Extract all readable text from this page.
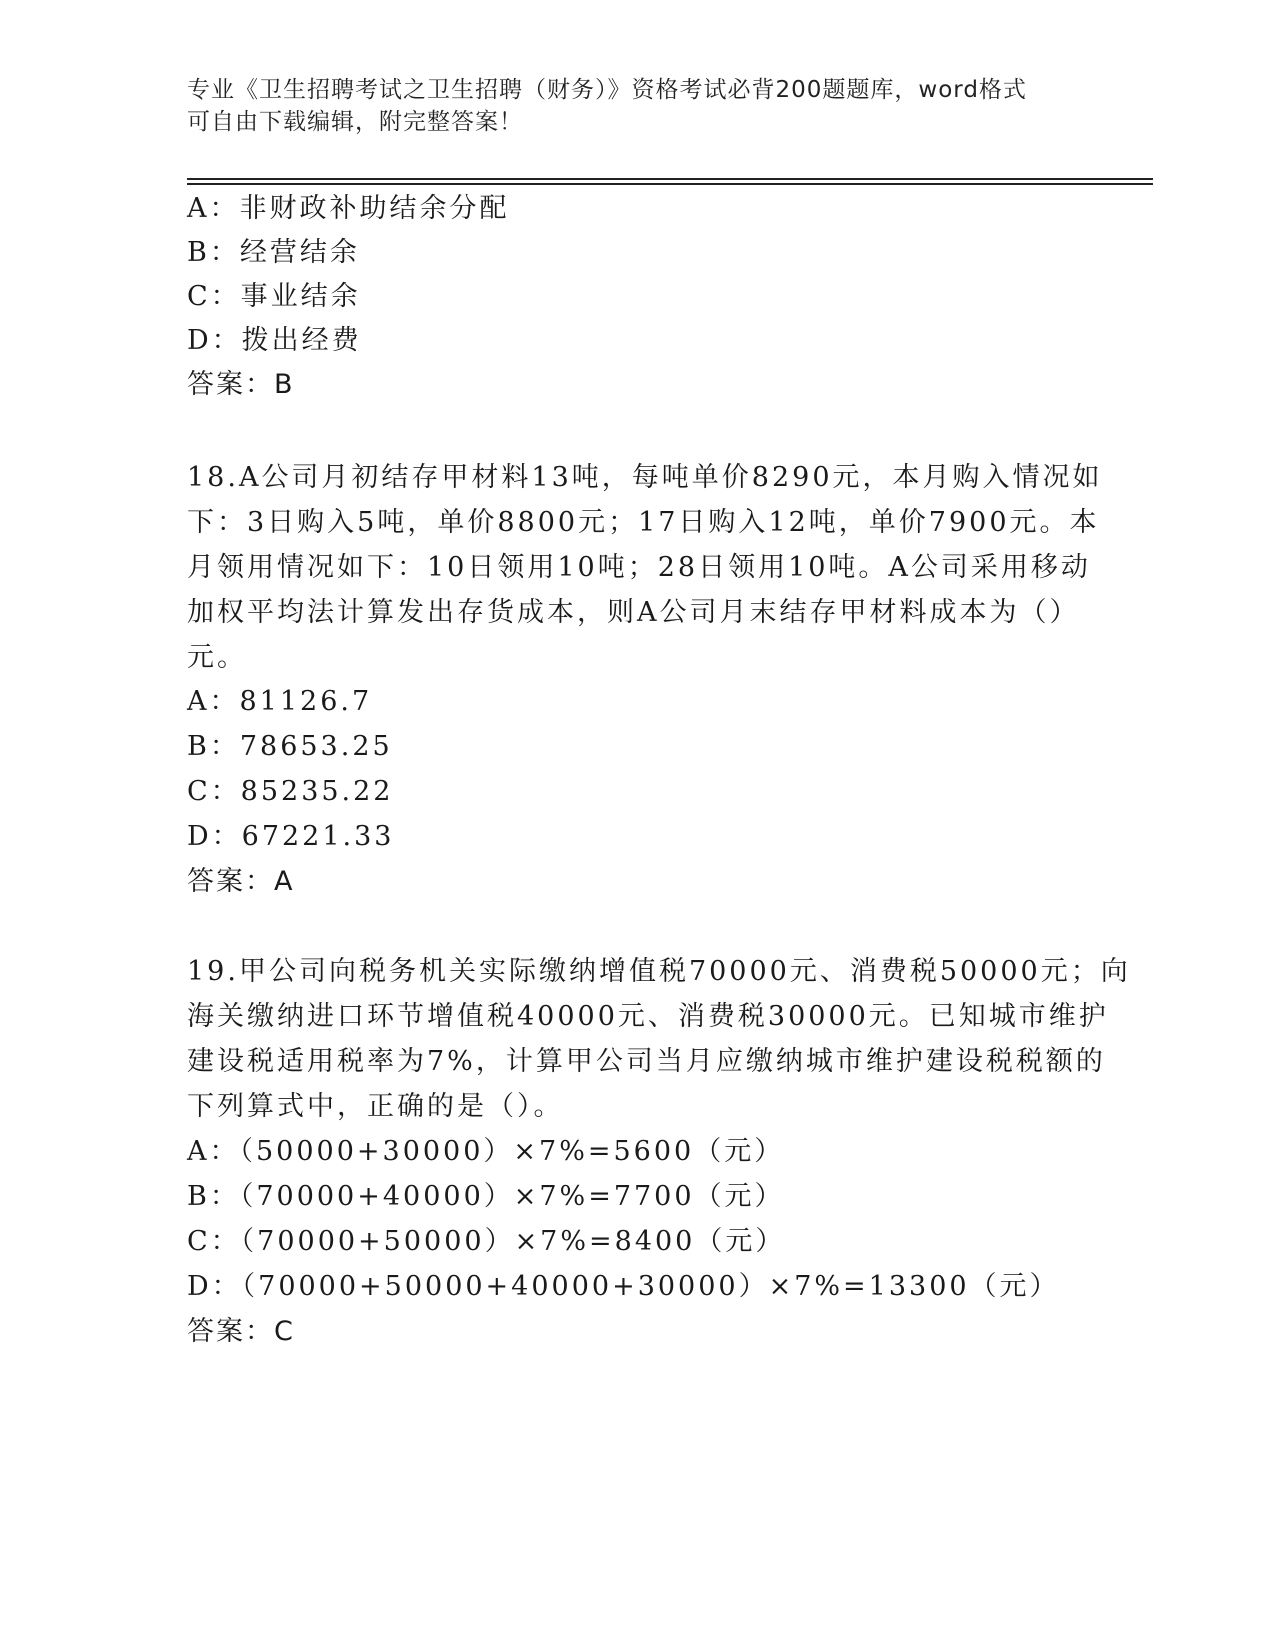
专业《卫生招聘考试之卫生招聘（财务）》资格考试必背200题题库，word格式
可自由下载编辑，附完整答案！
A：非财政补助结余分配
B：经营结余
C：事业结余
D：拨出经费
答案：B
18.A公司月初结存甲材料13吨，每吨单价8290元，本月购入情况如
下：3日购入5吨，单价8800元；17日购入12吨，单价7900元。本
月领用情况如下：10日领用10吨；28日领用10吨。A公司采用移动
加权平均法计算发出存货成本，则A公司月末结存甲材料成本为（）
元。
A：81126.7
B：78653.25
C：85235.22
D：67221.33
答案：A
19.甲公司向税务机关实际缴纳增值税70000元、消费税50000元；向
海关缴纳进口环节增值税40000元、消费税30000元。已知城市维护
建设税适用税率为7%，计算甲公司当月应缴纳城市维护建设税税额的
下列算式中，正确的是（）。
A：（50000+30000）×7%=5600（元）
B：（70000+40000）×7%=7700（元）
C：（70000+50000）×7%=8400（元）
D：（70000+50000+40000+30000）×7%=13300（元）
答案：C
